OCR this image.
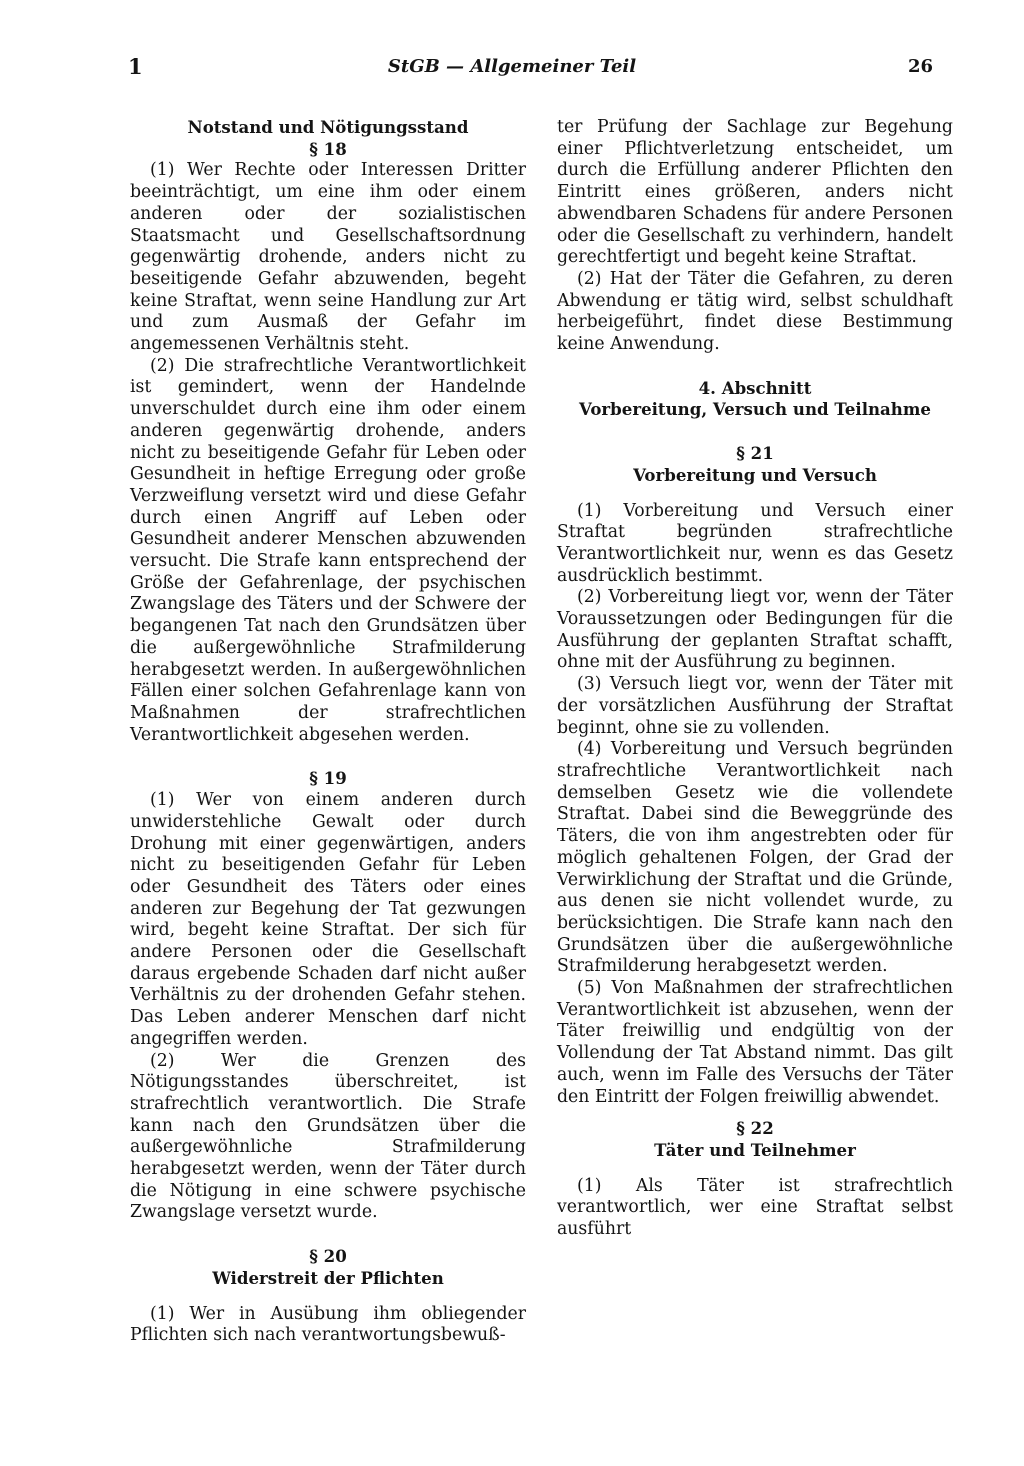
1	StGB — Allgemeiner Teil	26

Notstand und Nötigungsstand

§ 18

(1) Wer Rechte oder Interessen Dritter beeinträchtigt, um eine ihm oder einem anderen oder der sozialistischen Staatsmacht und Gesellschaftsordnung gegenwärtig drohende, anders nicht zu beseitigende Gefahr abzuwenden, begeht keine Straftat, wenn seine Handlung zur Art und zum Ausmaß der Gefahr im angemessenen Verhältnis steht.

(2) Die strafrechtliche Verantwortlichkeit ist gemindert, wenn der Handelnde unverschuldet durch eine ihm oder einem anderen gegenwärtig drohende, anders nicht zu beseitigende Gefahr für Leben oder Gesundheit in heftige Erregung oder große Verzweiflung versetzt wird und diese Gefahr durch einen Angriff auf Leben oder Gesundheit anderer Menschen abzuwenden versucht. Die Strafe kann entsprechend der Größe der Gefahrenlage, der psychischen Zwangslage des Täters und der Schwere der begangenen Tat nach den Grundsätzen über die außergewöhnliche Strafmilderung herabgesetzt werden. In außergewöhnlichen Fällen einer solchen Gefahrenlage kann von Maßnahmen der strafrechtlichen Verantwortlichkeit abgesehen werden.

§ 19

(1) Wer von einem anderen durch unwiderstehliche Gewalt oder durch Drohung mit einer gegenwärtigen, anders nicht zu beseitigenden Gefahr für Leben oder Gesundheit des Täters oder eines anderen zur Begehung der Tat gezwungen wird, begeht keine Straftat. Der sich für andere Personen oder die Gesellschaft daraus ergebende Schaden darf nicht außer Verhältnis zu der drohenden Gefahr stehen. Das Leben anderer Menschen darf nicht angegriffen werden.

(2) Wer die Grenzen des Nötigungsstandes überschreitet, ist strafrechtlich verantwortlich. Die Strafe kann nach den Grundsätzen über die außergewöhnliche Strafmilderung herabgesetzt werden, wenn der Täter durch die Nötigung in eine schwere psychische Zwangslage versetzt wurde.

§ 20

Widerstreit der Pflichten

(1) Wer in Ausübung ihm obliegender Pflichten sich nach verantwortungsbewuß-

ter Prüfung der Sachlage zur Begehung einer Pflichtverletzung entscheidet, um durch die Erfüllung anderer Pflichten den Eintritt eines größeren, anders nicht abwendbaren Schadens für andere Personen oder die Gesellschaft zu verhindern, handelt gerechtfertigt und begeht keine Straftat.

(2) Hat der Täter die Gefahren, zu deren Abwendung er tätig wird, selbst schuldhaft herbeigeführt, findet diese Bestimmung keine Anwendung.

4. Abschnitt

Vorbereitung, Versuch und Teilnahme

§ 21

Vorbereitung und Versuch

(1) Vorbereitung und Versuch einer Straftat begründen strafrechtliche Verantwortlichkeit nur, wenn es das Gesetz ausdrücklich bestimmt.

(2) Vorbereitung liegt vor, wenn der Täter Voraussetzungen oder Bedingungen für die Ausführung der geplanten Straftat schafft, ohne mit der Ausführung zu beginnen.

(3) Versuch liegt vor, wenn der Täter mit der vorsätzlichen Ausführung der Straftat beginnt, ohne sie zu vollenden.

(4) Vorbereitung und Versuch begründen strafrechtliche Verantwortlichkeit nach demselben Gesetz wie die vollendete Straftat. Dabei sind die Beweggründe des Täters, die von ihm angestrebten oder für möglich gehaltenen Folgen, der Grad der Verwirklichung der Straftat und die Gründe, aus denen sie nicht vollendet wurde, zu berücksichtigen. Die Strafe kann nach den Grundsätzen über die außergewöhnliche Strafmilderung herabgesetzt werden.

(5) Von Maßnahmen der strafrechtlichen Verantwortlichkeit ist abzusehen, wenn der Täter freiwillig und endgültig von der Vollendung der Tat Abstand nimmt. Das gilt auch, wenn im Falle des Versuchs der Täter den Eintritt der Folgen freiwillig abwendet.

§ 22

Täter und Teilnehmer

(1) Als Täter ist strafrechtlich verantwortlich, wer eine Straftat selbst ausführt
